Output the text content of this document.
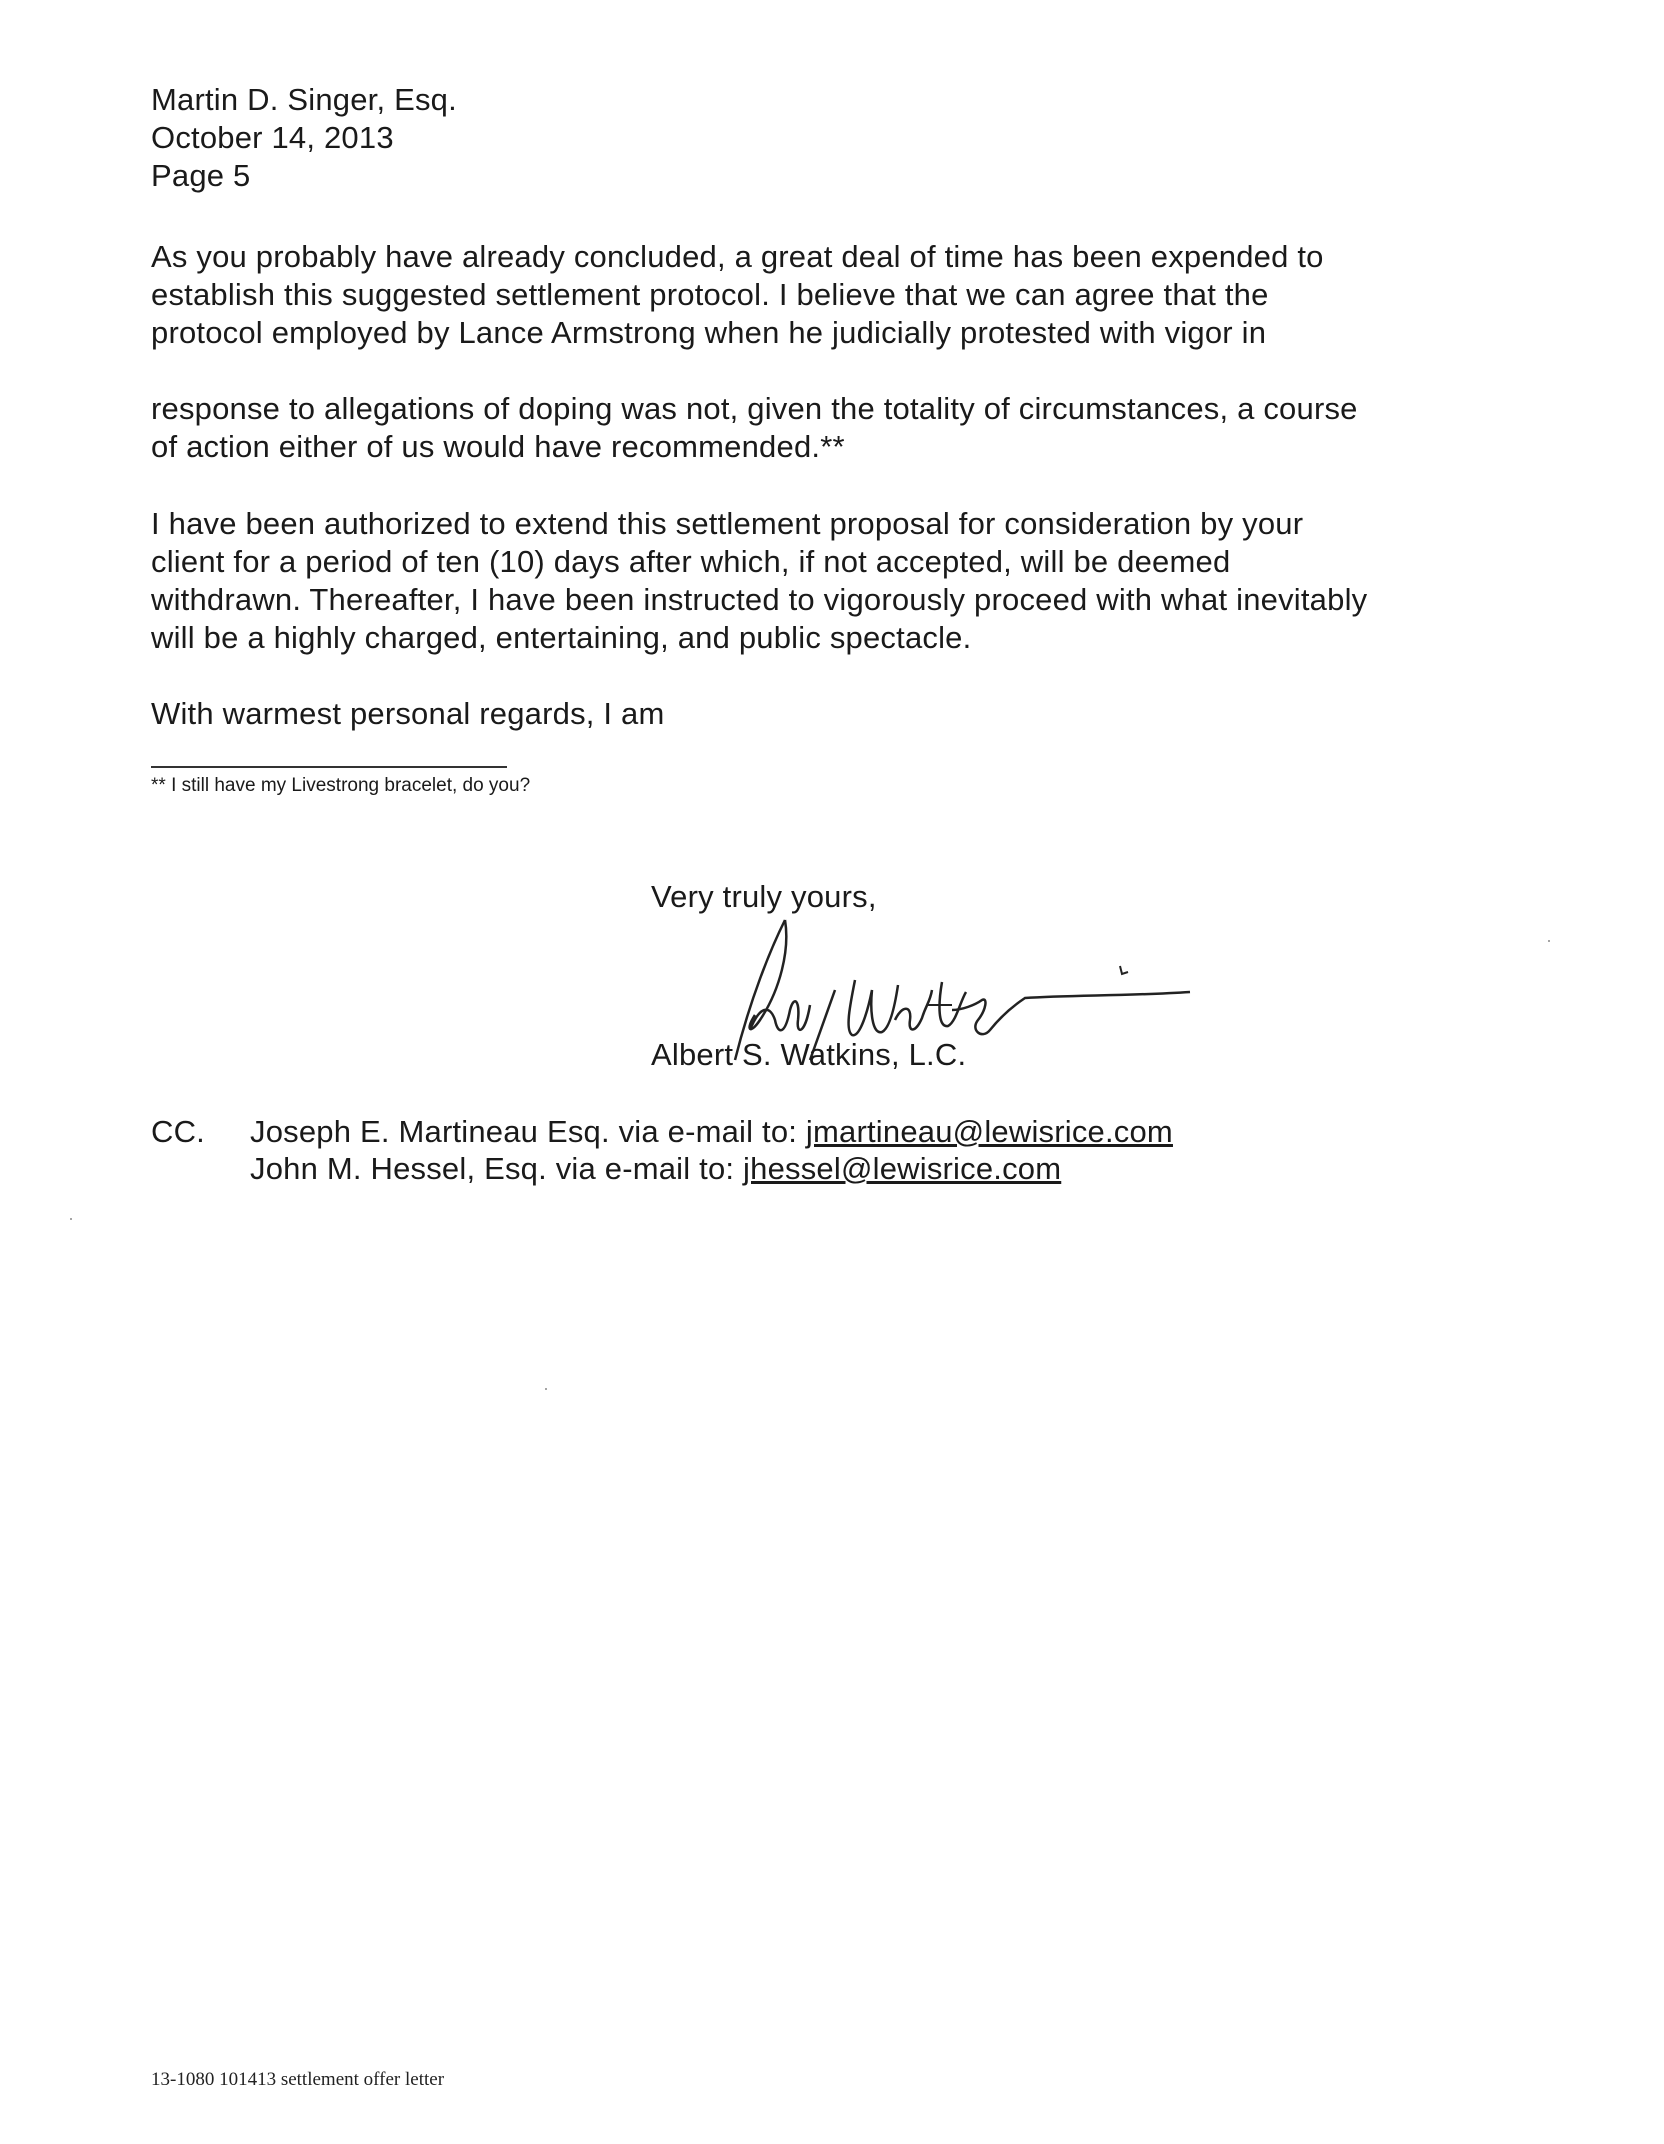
Martin D. Singer, Esq.
October 14, 2013
Page 5
As you probably have already concluded, a great deal of time has been expended to
establish this suggested settlement protocol. I believe that we can agree that the
protocol employed by Lance Armstrong when he judicially protested with vigor in
response to allegations of doping was not, given the totality of circumstances, a course
of action either of us would have recommended.**
I have been authorized to extend this settlement proposal for consideration by your
client for a period of ten (10) days after which, if not accepted, will be deemed
withdrawn. Thereafter, I have been instructed to vigorously proceed with what inevitably
will be a highly charged, entertaining, and public spectacle.
With warmest personal regards, I am
** I still have my Livestrong bracelet, do you?
Very truly yours,
Albert S. Watkins, L.C.
CC. Joseph E. Martineau Esq. via e-mail to: jmartineau@lewisrice.com
John M. Hessel, Esq. via e-mail to: jhessel@lewisrice.com
13-1080 101413 settlement offer letter
